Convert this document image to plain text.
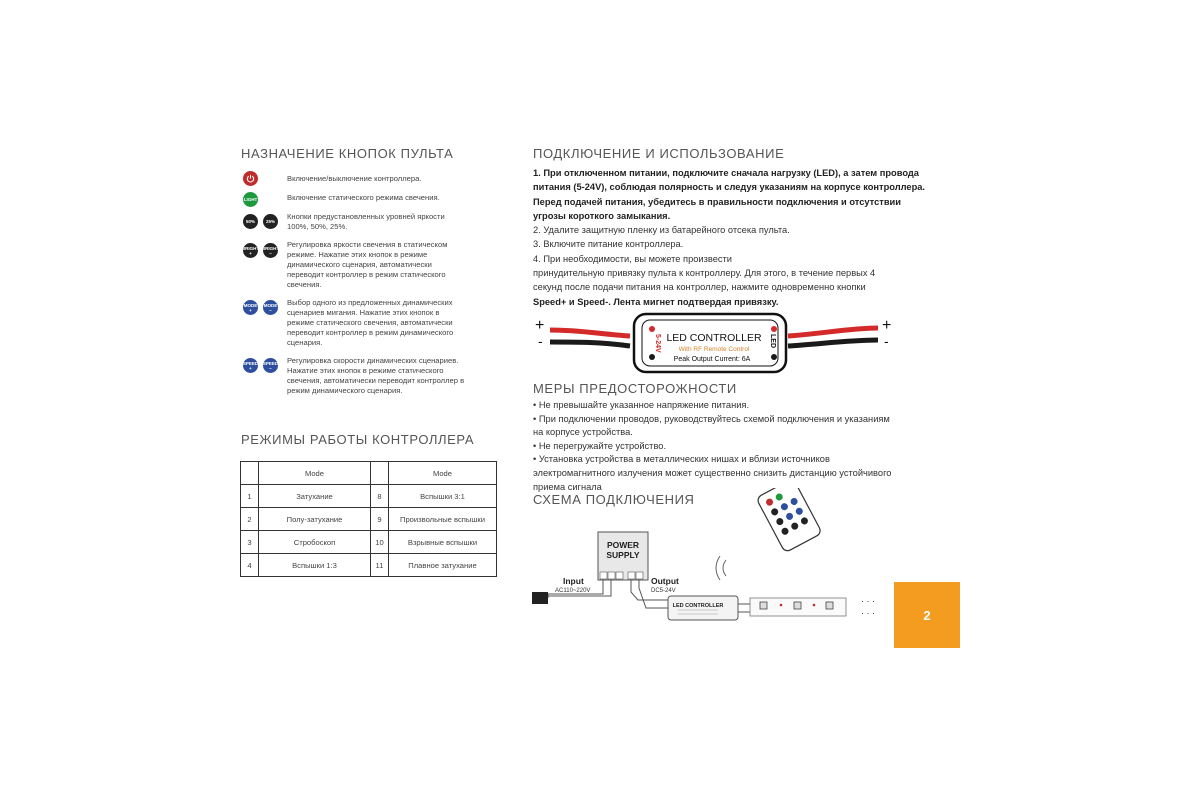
НАЗНАЧЕНИЕ КНОПОК ПУЛЬТА
Включение/выключение контроллера.
LIGHT	Включение статического режима свечения.
50% 25%
Кнопки предустановленных уровней яркости
100%, 50%, 25%.
BRIGHT
+
BRIGHT
−
Регулировка яркости свечения в статическом
режиме. Нажатие этих кнопок в режиме
динамического сценария, автоматически
переводит контроллер в режим статического
свечения.
MODE
+
MODE
−
Выбор одного из предложенных динамических
сценариев мигания. Нажатие этих кнопок в
режиме статического свечения, автоматически
переводит контроллер в режим динамического
сценария.
SPEED
+
SPEED
−
Регулировка скорости динамических сценариев.
Нажатие этих кнопок в режиме статического
свечения, автоматически переводит контроллер в
режим динамического сценария.
РЕЖИМЫ РАБОТЫ КОНТРОЛЛЕРА
	Mode		Mode
1	Затухание	8	Вспышки 3:1
2	Полу-затухание	9	Произвольные вспышки
3	Стробоскоп	10	Взрывные вспышки
4	Вспышки 1:3	11	Плавное затухание
ПОДКЛЮЧЕНИЕ И ИСПОЛЬЗОВАНИЕ
1. При отключенном питании, подключите сначала нагрузку (LED), а затем провода
питания (5-24V), соблюдая полярность и следуя указаниям на корпусе контроллера.
Перед подачей питания, убедитесь в правильности подключения и отсутствии
угрозы короткого замыкания.
2. Удалите защитную пленку из батарейного отсека пульта.
3. Включите питание контроллера.
4. При необходимости, вы можете произвести
принудительную привязку пульта к контроллеру. Для этого, в течение первых 4
секунд после подачи питания на контроллер, нажмите одновременно кнопки
Speed+ и Speed-. Лента мигнет подтвердая привязку.
5-24V	LED
LED CONTROLLER
With RF Remote Control
Peak Output Current: 6A
+
-
+
-
МЕРЫ ПРЕДОСТОРОЖНОСТИ
• Не превышайте указанное напряжение питания.
• При подключении проводов, руководствуйтесь схемой подключения и указаниям
на корпусе устройства.
• Не перегружайте устройство.
• Установка устройства в металлических нишах и вблизи источников
электромагнитного излучения может существенно снизить дистанцию устойчивого
приема сигнала
СХЕМА ПОДКЛЮЧЕНИЯ
POWER
SUPPLY
Input
AC110~220V
Output
DC5-24V
LED CONTROLLER	· · ·
· · ·	2
